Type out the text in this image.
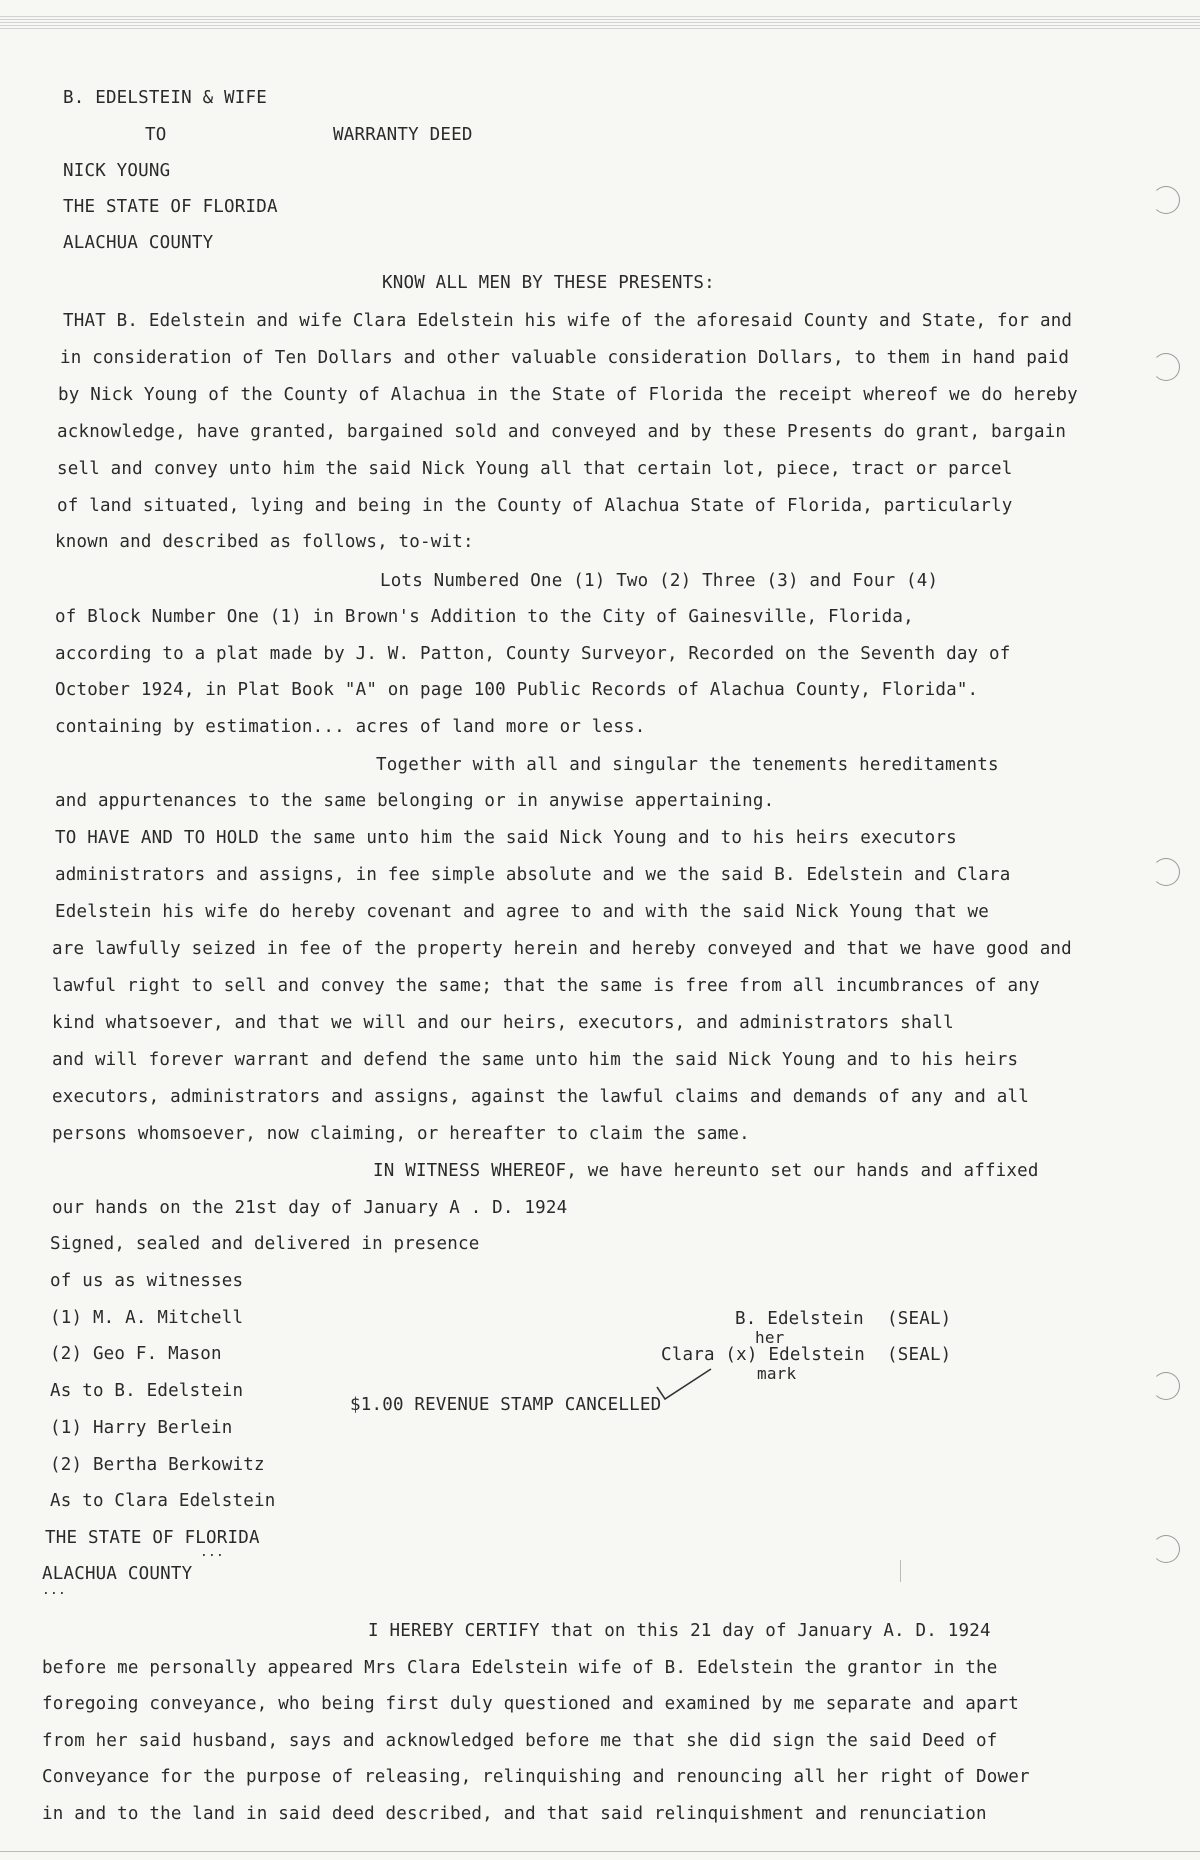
B. EDELSTEIN & WIFE
TO	WARRANTY DEED
NICK YOUNG
THE STATE OF FLORIDA
ALACHUA COUNTY
KNOW ALL MEN BY THESE PRESENTS:
THAT B. Edelstein and wife Clara Edelstein his wife of the aforesaid County and State, for and
in consideration of Ten Dollars and other valuable consideration Dollars, to them in hand paid
by Nick Young of the County of Alachua in the State of Florida the receipt whereof we do hereby
acknowledge, have granted, bargained sold and conveyed and by these Presents do grant, bargain
sell and convey unto him the said Nick Young all that certain lot, piece, tract or parcel
of land situated, lying and being in the County of Alachua State of Florida, particularly
known and described as follows, to-wit:
Lots Numbered One (1) Two (2) Three (3) and Four (4)
of Block Number One (1) in Brown's Addition to the City of Gainesville, Florida,
according to a plat made by J. W. Patton, County Surveyor, Recorded on the Seventh day of
October 1924, in Plat Book "A" on page 100 Public Records of Alachua County, Florida".
containing by estimation... acres of land more or less.
Together with all and singular the tenements hereditaments
and appurtenances to the same belonging or in anywise appertaining.
TO HAVE AND TO HOLD the same unto him the said Nick Young and to his heirs executors
administrators and assigns, in fee simple absolute and we the said B. Edelstein and Clara
Edelstein his wife do hereby covenant and agree to and with the said Nick Young that we
are lawfully seized in fee of the property herein and hereby conveyed and that we have good and
lawful right to sell and convey the same; that the same is free from all incumbrances of any
kind whatsoever, and that we will and our heirs, executors, and administrators shall
and will forever warrant and defend the same unto him the said Nick Young and to his heirs
executors, administrators and assigns, against the lawful claims and demands of any and all
persons whomsoever, now claiming, or hereafter to claim the same.
IN WITNESS WHEREOF, we have hereunto set our hands and affixed
our hands on the 21st day of January A . D. 1924
Signed, sealed and delivered in presence
of us as witnesses
(1) M. A. Mitchell
(2) Geo F. Mason
As to B. Edelstein
(1) Harry Berlein
(2) Bertha Berkowitz
As to Clara Edelstein
THE STATE OF FLORIDA
...
ALACHUA COUNTY
...
B. Edelstein (SEAL)
her
Clara (x) Edelstein (SEAL)
mark
$1.00 REVENUE STAMP CANCELLED
I HEREBY CERTIFY that on this 21 day of January A. D. 1924
before me personally appeared Mrs Clara Edelstein wife of B. Edelstein the grantor in the
foregoing conveyance, who being first duly questioned and examined by me separate and apart
from her said husband, says and acknowledged before me that she did sign the said Deed of
Conveyance for the purpose of releasing, relinquishing and renouncing all her right of Dower
in and to the land in said deed described, and that said relinquishment and renunciation
